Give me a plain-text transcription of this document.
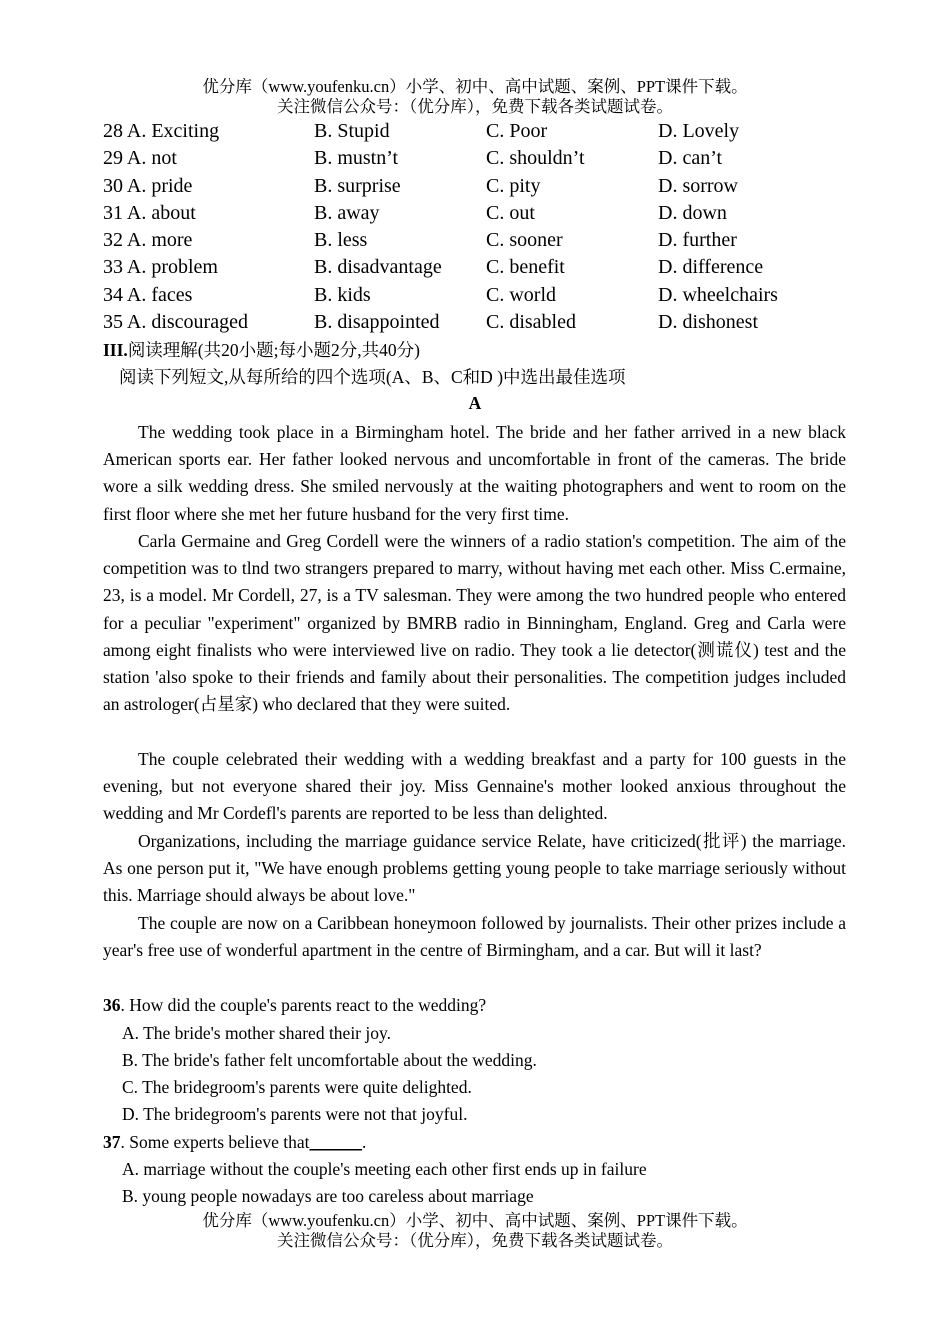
优分库（www.youfenku.cn）小学、初中、高中试题、案例、PPT课件下载。
关注微信公众号：（优分库），免费下载各类试题试卷。
28 A. Exciting	B. Stupid	C. Poor	D. Lovely
29 A. not	B. mustn’t	C. shouldn’t	D. can’t
30 A. pride	B. surprise	C. pity	D. sorrow
31 A. about	B. away	C. out	D. down
32 A. more	B. less	C. sooner	D. further
33 A. problem	B. disadvantage C. benefit	D. difference
34 A. faces	B. kids	C. world	D. wheelchairs
35 A. discouraged	B. disappointed C. disabled	D. dishonest
III.阅读理解(共20小题;每小题2分,共40分)
阅读下列短文,从每所给的四个选项(A、B、C和D )中选出最佳选项
A

The wedding took place in a Birmingham hotel. The bride and her father arrived in a new black American sports ear. Her father looked nervous and uncomfortable in front of the cameras. The bride wore a silk wedding dress. She smiled nervously at the waiting photographers and went to room on the first floor where she met her future husband for the very first time.

Carla Germaine and Greg Cordell were the winners of a radio station's competition. The aim of the competition was to tlnd two strangers prepared to marry, without having met each other. Miss C.ermaine, 23, is a model. Mr Cordell, 27, is a TV salesman. They were among the two hundred people who entered for a peculiar "experiment" organized by BMRB radio in Binningham, England. Greg and Carla were among eight finalists who were interviewed live on radio. They took a lie detector(测谎仪) test and the station 'also spoke to their friends and family about their personalities. The competition judges included an astrologer(占星家) who declared that they were suited.

The couple celebrated their wedding with a wedding breakfast and a party for 100 guests in the evening, but not everyone shared their joy. Miss Gennaine's mother looked anxious throughout the wedding and Mr Cordefl's parents are reported to be less than delighted.

Organizations, including the marriage guidance service Relate, have criticized(批评) the marriage. As one person put it, "We have enough problems getting young people to take marriage seriously without this. Marriage should always be about love."

The couple are now on a Caribbean honeymoon followed by journalists. Their other prizes include a year's free use of wonderful apartment in the centre of Birmingham, and a car. But will it last?

36. How did the couple's parents react to the wedding?
A. The bride's mother shared their joy.
B. The bride's father felt uncomfortable about the wedding.
C. The bridegroom's parents were quite delighted.
D. The bridegroom's parents were not that joyful.
37. Some experts believe that______.
A. marriage without the couple's meeting each other first ends up in failure
B. young people nowadays are too careless about marriage
优分库（www.youfenku.cn）小学、初中、高中试题、案例、PPT课件下载。
关注微信公众号：（优分库），免费下载各类试题试卷。
